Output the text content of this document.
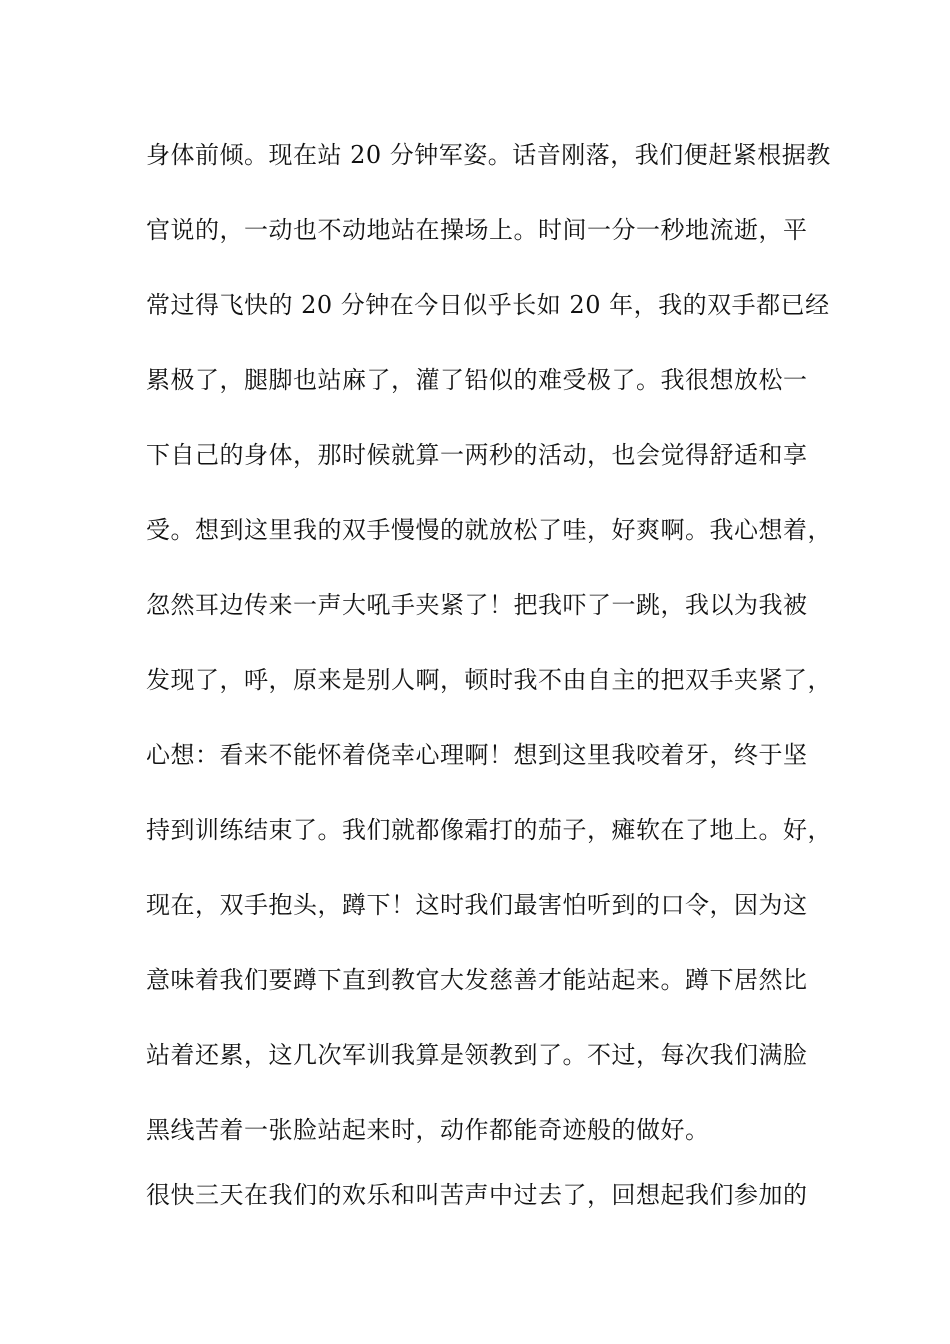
身体前倾。现在站 20 分钟军姿。话音刚落，我们便赶紧根据教
官说的，一动也不动地站在操场上。时间一分一秒地流逝，平
常过得飞快的 20 分钟在今日似乎长如 20 年，我的双手都已经
累极了，腿脚也站麻了，灌了铅似的难受极了。我很想放松一
下自己的身体，那时候就算一两秒的活动，也会觉得舒适和享
受。想到这里我的双手慢慢的就放松了哇，好爽啊。我心想着，
忽然耳边传来一声大吼手夹紧了！把我吓了一跳，我以为我被
发现了，呼，原来是别人啊，顿时我不由自主的把双手夹紧了，
心想：看来不能怀着侥幸心理啊！想到这里我咬着牙，终于坚
持到训练结束了。我们就都像霜打的茄子，瘫软在了地上。好，
现在，双手抱头，蹲下！这时我们最害怕听到的口令，因为这
意味着我们要蹲下直到教官大发慈善才能站起来。蹲下居然比
站着还累，这几次军训我算是领教到了。不过，每次我们满脸
黑线苦着一张脸站起来时，动作都能奇迹般的做好。
很快三天在我们的欢乐和叫苦声中过去了，回想起我们参加的
